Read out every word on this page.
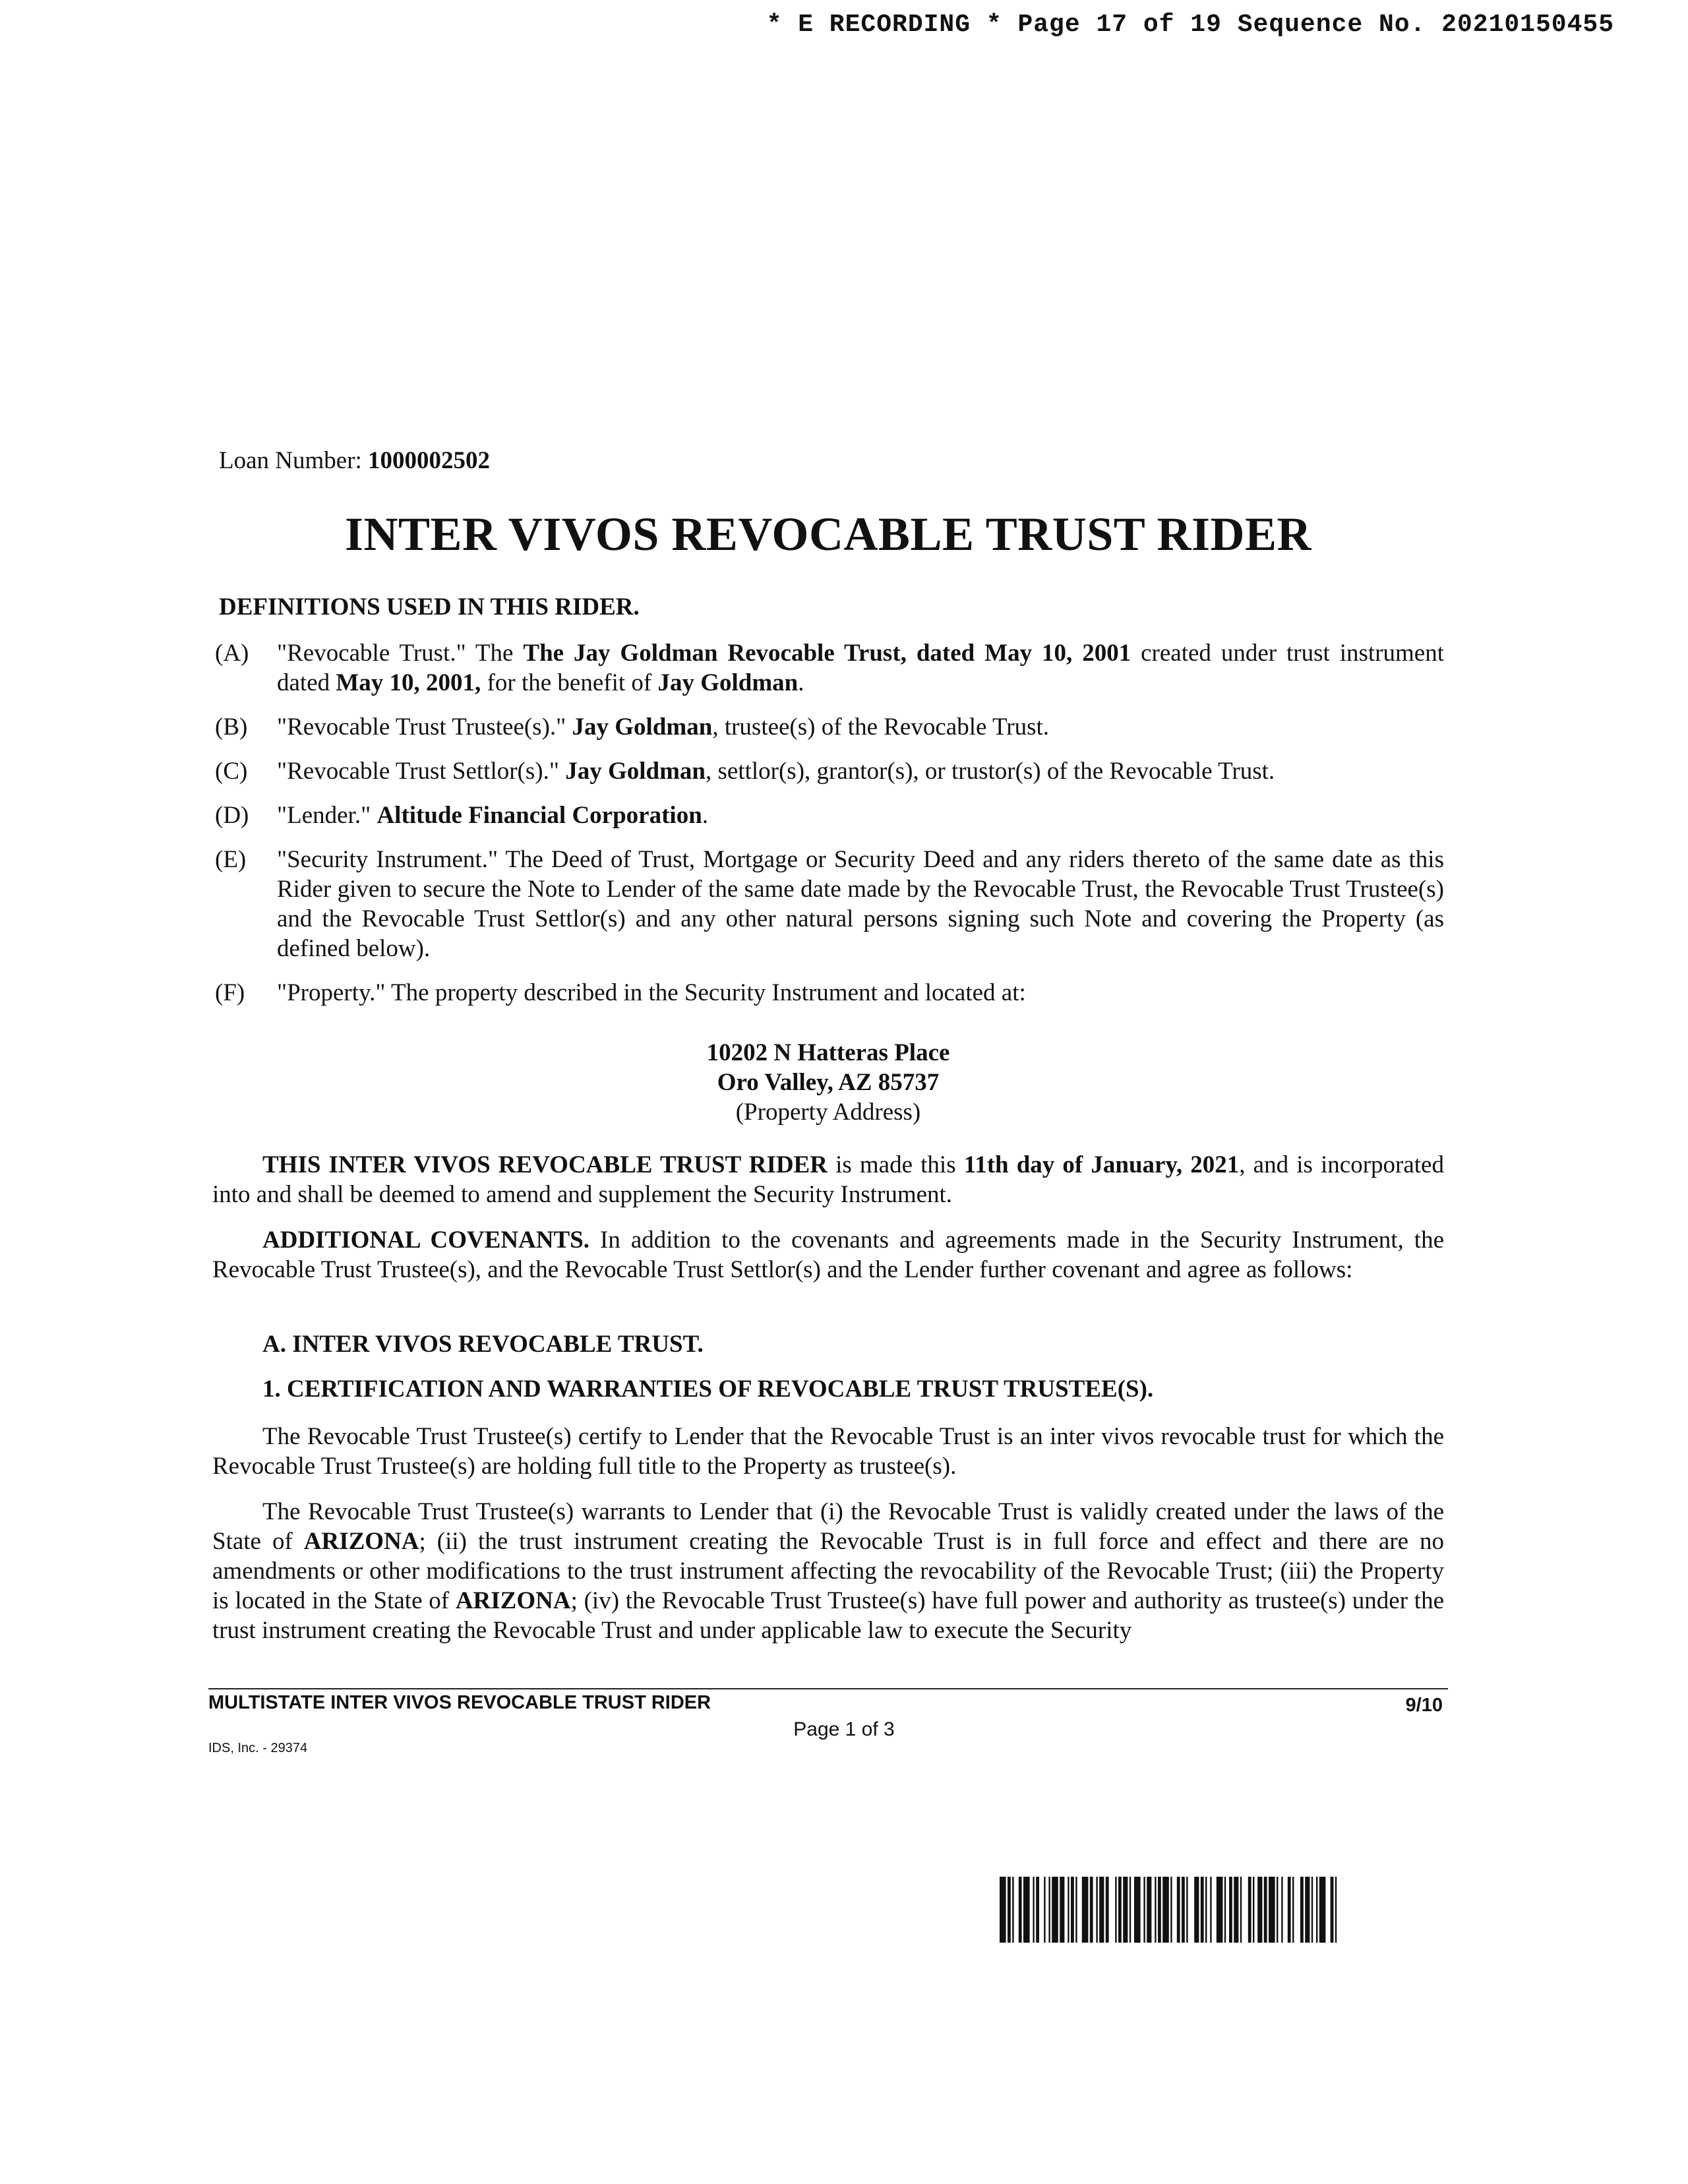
* E RECORDING * Page 17 of 19 Sequence No. 20210150455
Loan Number: 1000002502
INTER VIVOS REVOCABLE TRUST RIDER
DEFINITIONS USED IN THIS RIDER.
(A)	"Revocable Trust." The The Jay Goldman Revocable Trust, dated May 10, 2001 created under trust instrument dated May 10, 2001, for the benefit of Jay Goldman.
(B)	"Revocable Trust Trustee(s)." Jay Goldman, trustee(s) of the Revocable Trust.
(C)	"Revocable Trust Settlor(s)." Jay Goldman, settlor(s), grantor(s), or trustor(s) of the Revocable Trust.
(D)	"Lender." Altitude Financial Corporation.
(E)	"Security Instrument." The Deed of Trust, Mortgage or Security Deed and any riders thereto of the same date as this Rider given to secure the Note to Lender of the same date made by the Revocable Trust, the Revocable Trust Trustee(s) and the Revocable Trust Settlor(s) and any other natural persons signing such Note and covering the Property (as defined below).
(F)	"Property." The property described in the Security Instrument and located at:
10202 N Hatteras Place
Oro Valley, AZ 85737
(Property Address)
THIS INTER VIVOS REVOCABLE TRUST RIDER is made this 11th day of January, 2021, and is incorporated into and shall be deemed to amend and supplement the Security Instrument.
ADDITIONAL COVENANTS. In addition to the covenants and agreements made in the Security Instrument, the Revocable Trust Trustee(s), and the Revocable Trust Settlor(s) and the Lender further covenant and agree as follows:
A. INTER VIVOS REVOCABLE TRUST.
1. CERTIFICATION AND WARRANTIES OF REVOCABLE TRUST TRUSTEE(S).
The Revocable Trust Trustee(s) certify to Lender that the Revocable Trust is an inter vivos revocable trust for which the Revocable Trust Trustee(s) are holding full title to the Property as trustee(s).
The Revocable Trust Trustee(s) warrants to Lender that (i) the Revocable Trust is validly created under the laws of the State of ARIZONA; (ii) the trust instrument creating the Revocable Trust is in full force and effect and there are no amendments or other modifications to the trust instrument affecting the revocability of the Revocable Trust; (iii) the Property is located in the State of ARIZONA; (iv) the Revocable Trust Trustee(s) have full power and authority as trustee(s) under the trust instrument creating the Revocable Trust and under applicable law to execute the Security
MULTISTATE INTER VIVOS REVOCABLE TRUST RIDER	9/10
Page 1 of 3
IDS, Inc. - 29374
